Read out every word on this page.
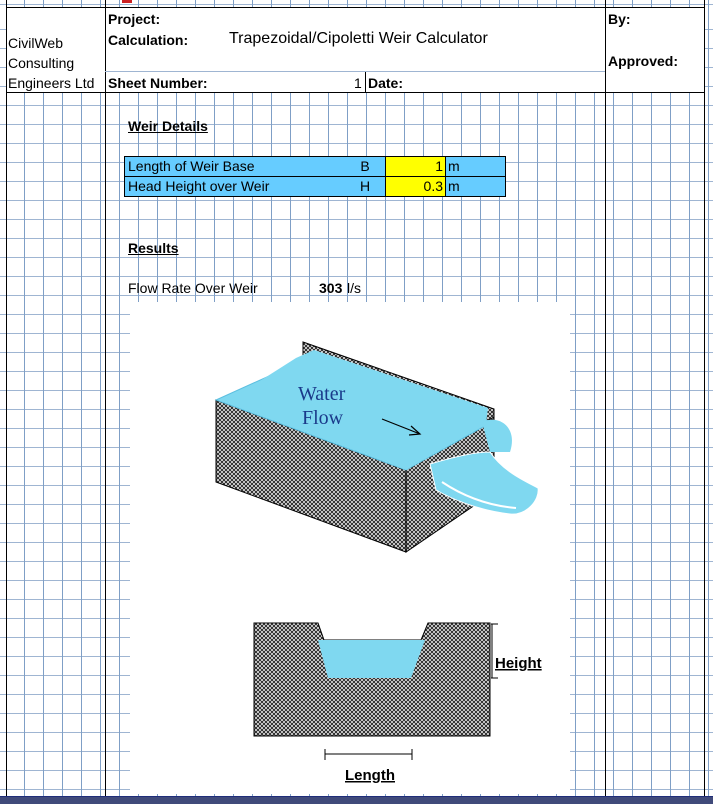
CivilWeb
Consulting
Engineers Ltd
Project:
Calculation:	Trapezoidal/Cipoletti Weir Calculator
Sheet Number:	1 Date:
By:
Approved:
Weir Details
Length of Weir Base	B	1 m
Head Height over Weir	H	0.3 m
Results
Flow Rate Over Weir	303 l/s
Water
Flow
Height
Length
